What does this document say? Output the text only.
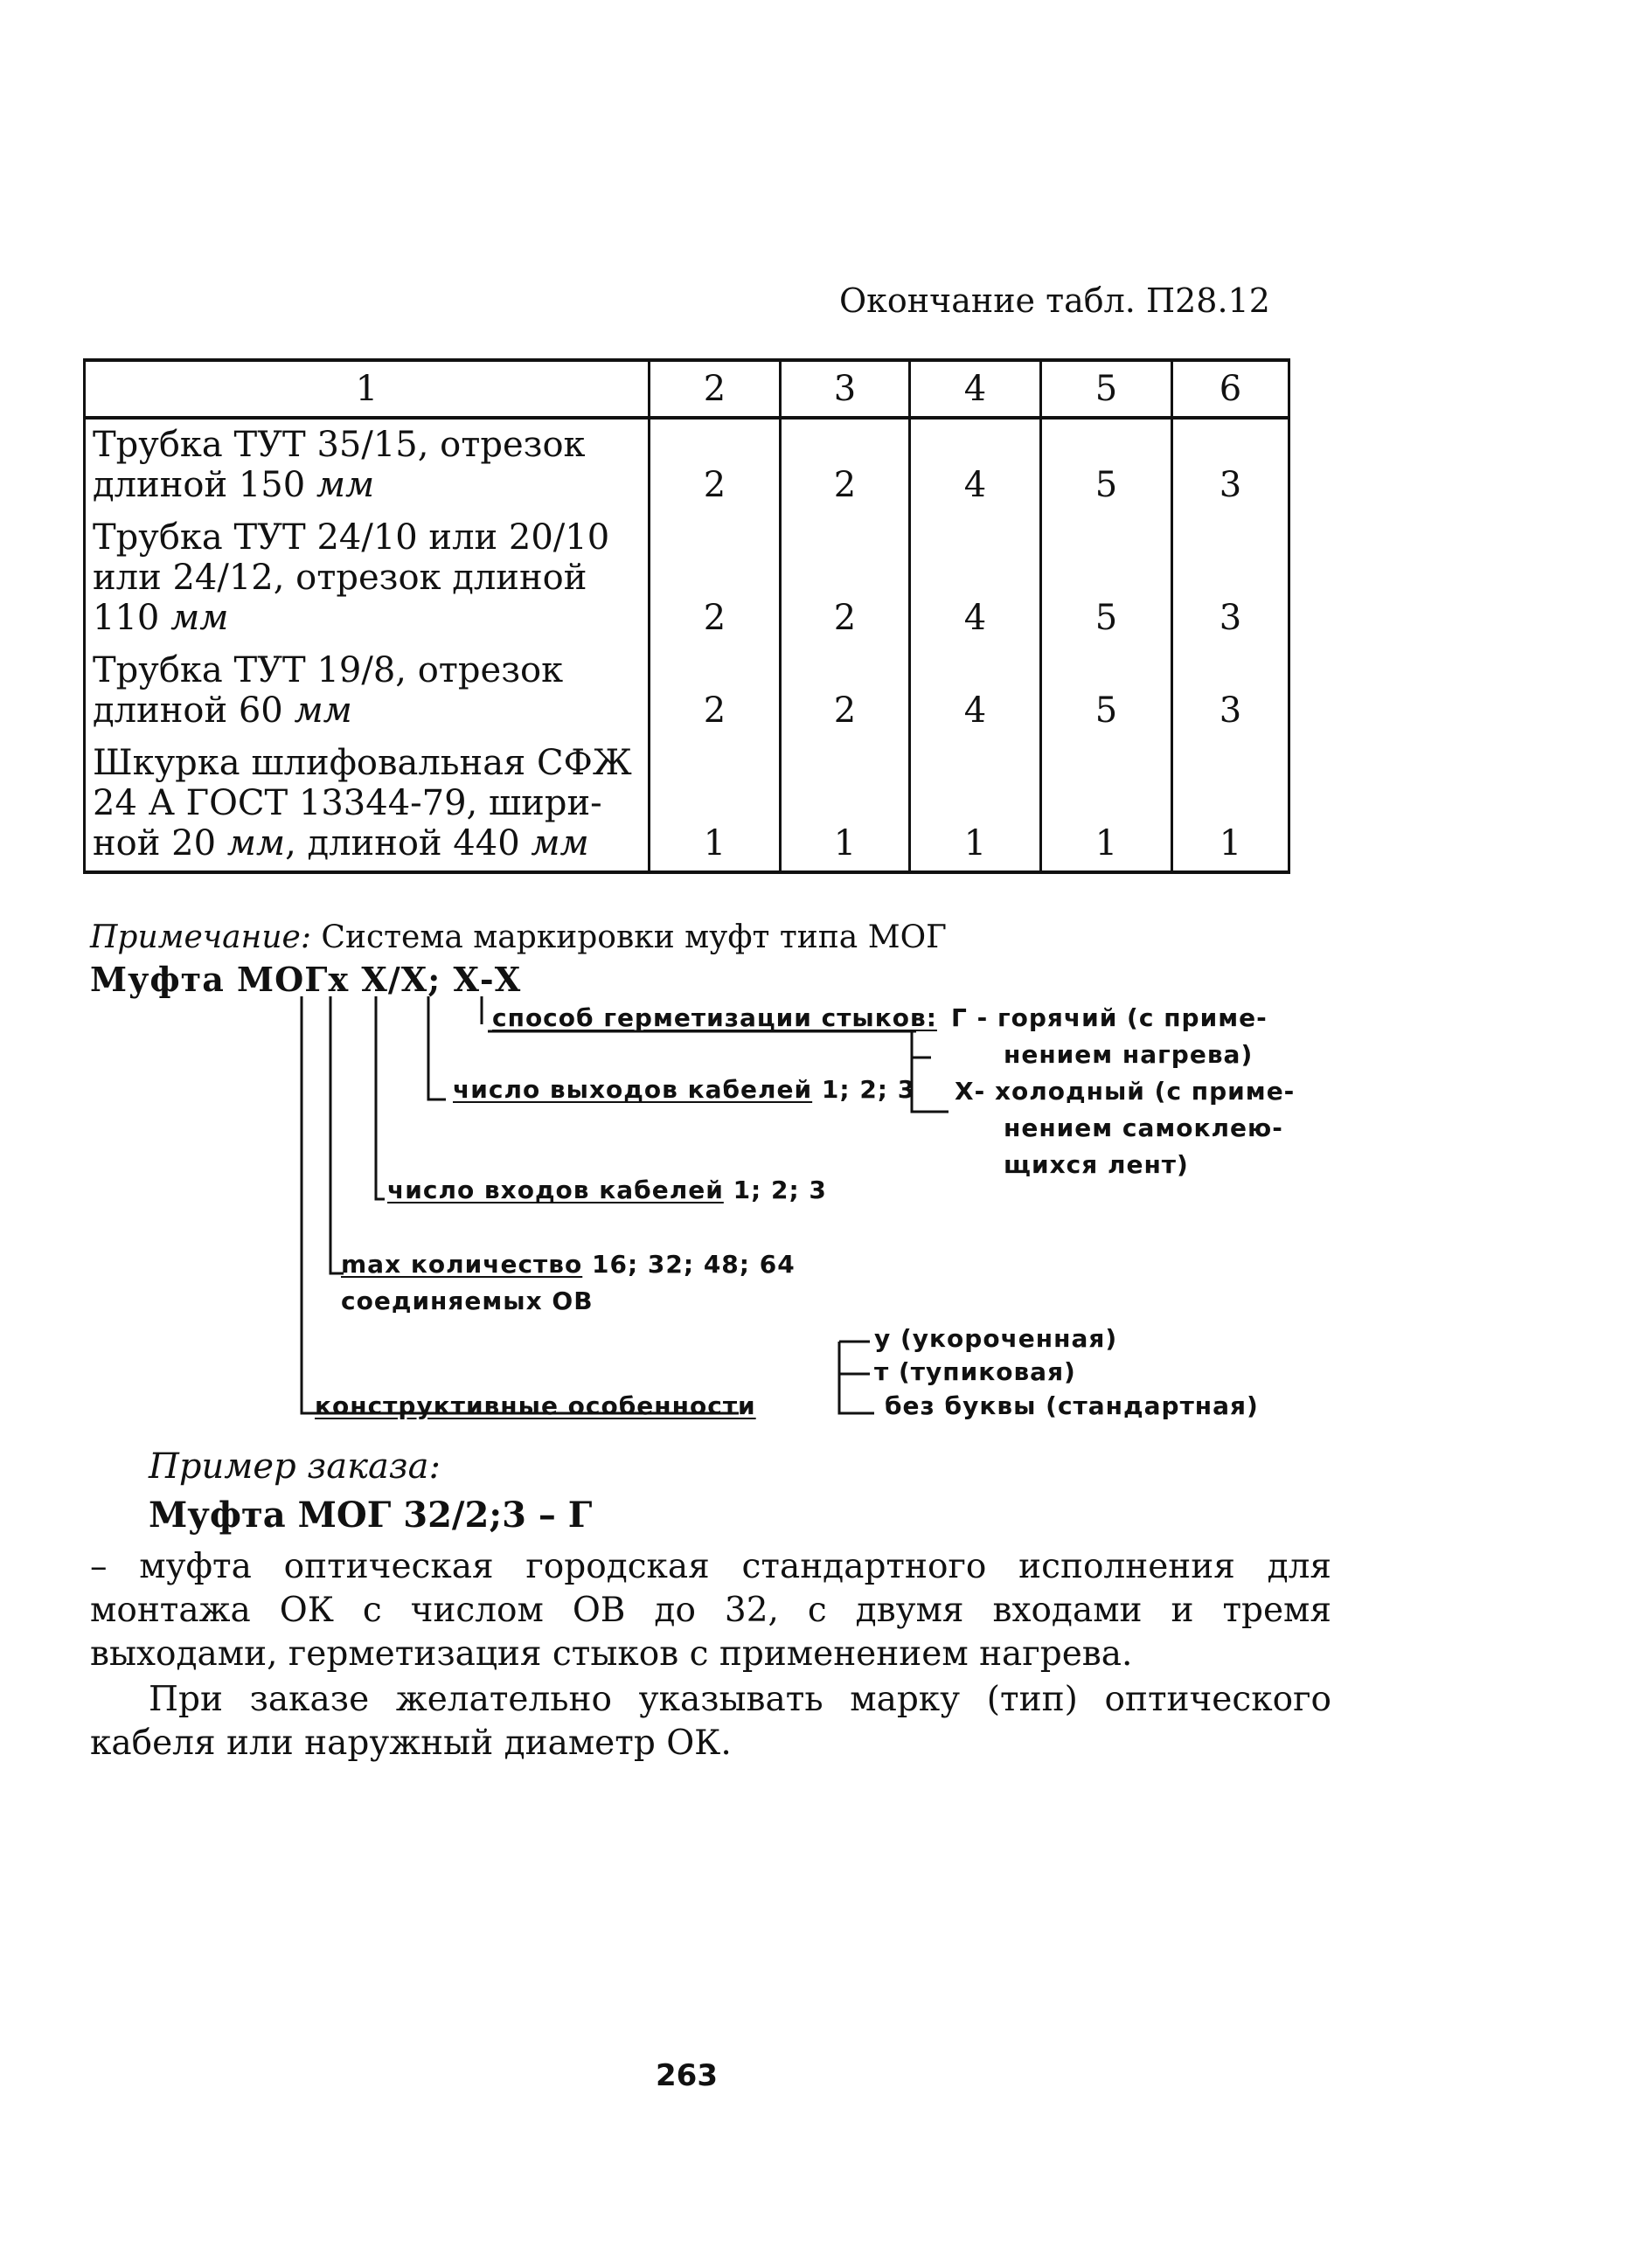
Окончание табл. П28.12
1	2	3	4	5	6

Трубка ТУТ 35/15, отрезок
длиной 150 мм	2	2	4	5	3

Трубка ТУТ 24/10 или 20/10
или 24/12, отрезок длиной
110 мм	2	2	4	5	3

Трубка ТУТ 19/8, отрезок
длиной 60 мм	2	2	4	5	3

Шкурка шлифовальная СФЖ
24 А ГОСТ 13344-79, шири-
ной 20 мм, длиной 440 мм	1	1	1	1	1
Примечание: Система маркировки муфт типа МОГ
Муфта МОГх Х/Х; Х-Х
способ герметизации стыков: Г - горячий (с приме-
нением нагрева)
число выходов кабелей 1; 2; 3 Х- холодный (с приме-
нением самоклею-
щихся лент)
число входов кабелей 1; 2; 3
max количество 16; 32; 48; 64
соединяемых ОВ
у (укороченная)
т (тупиковая)
без буквы (стандартная)
конструктивные особенности
Пример заказа:
Муфта МОГ 32/2;3 – Г

– муфта оптическая городская стандартного исполнения для монтажа ОК с числом ОВ до 32, с двумя входами и тремя выходами, герметизация стыков с применением нагрева.

При заказе желательно указывать марку (тип) оптического кабеля или наружный диаметр ОК.

263
